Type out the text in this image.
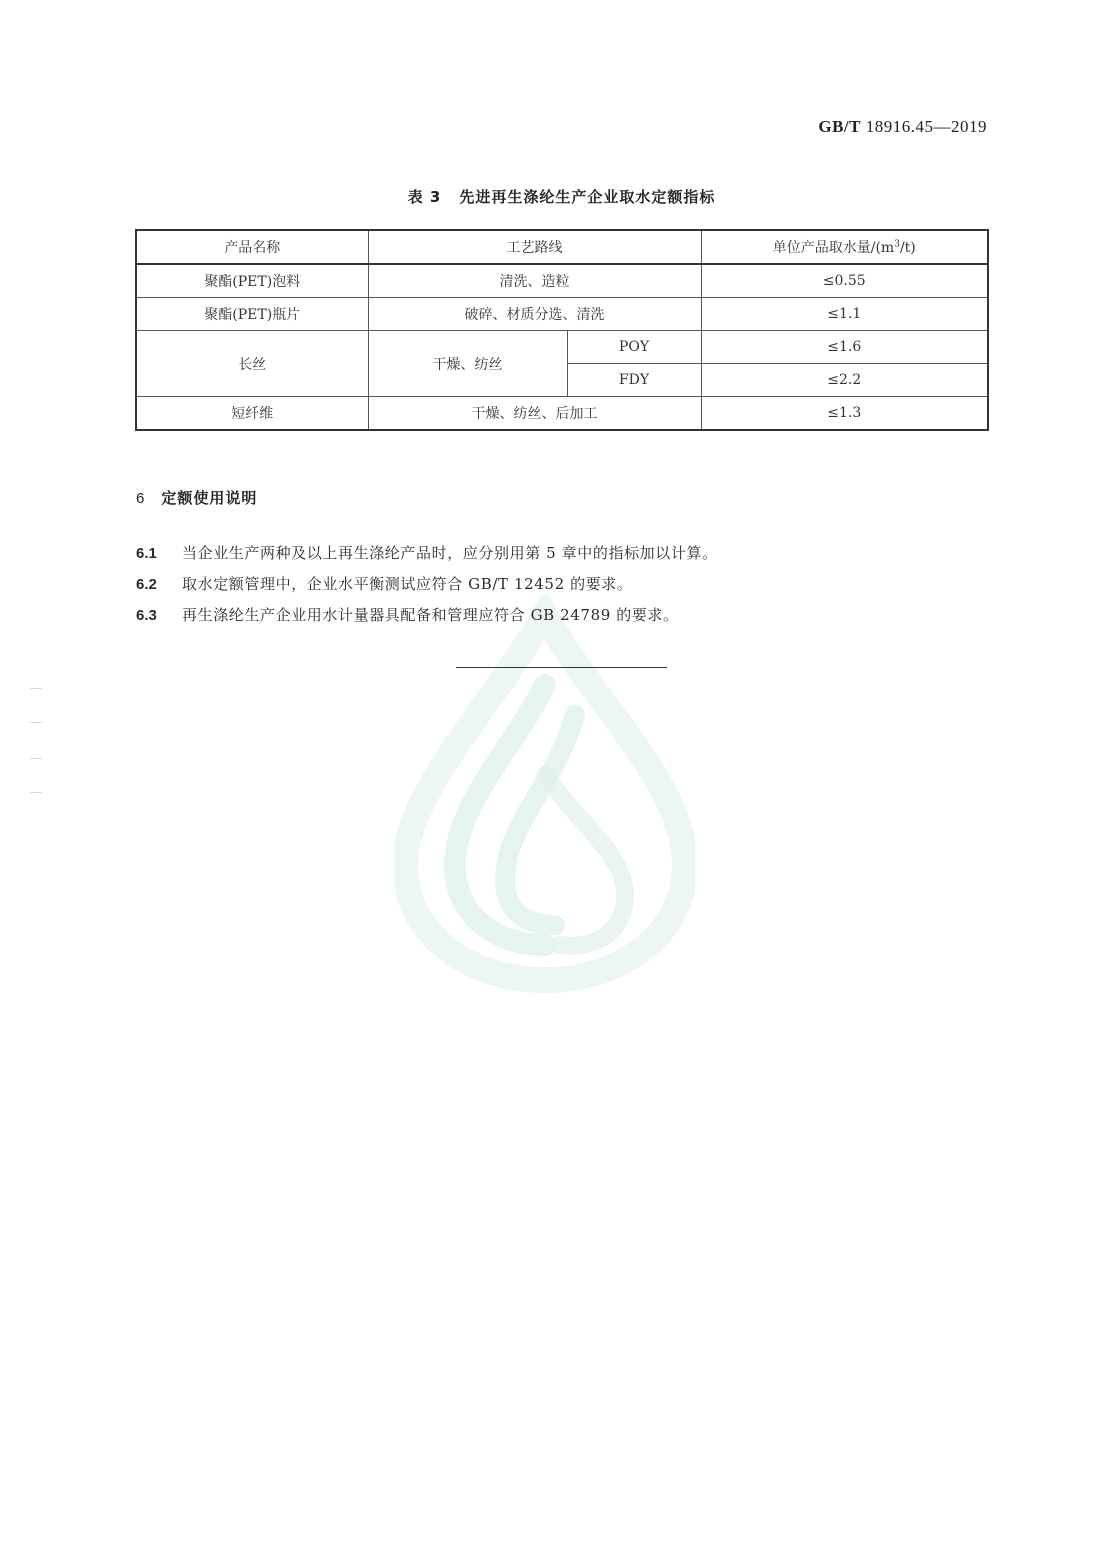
GB/T 18916.45—2019
表 3 先进再生涤纶生产企业取水定额指标
产品名称	工艺路线		单位产品取水量$/(m^3/t)$
聚酯(PET)泡料	清洗、造粒		≤0.55
聚酯(PET)瓶片	破碎、材质分选、清洗		≤1.1
长丝	干燥、纺丝	POY	≤1.6
		FDY	≤2.2
短纤维	干燥、纺丝、后加工		≤1.3
6 定额使用说明
6.1 当企业生产两种及以上再生涤纶产品时，应分别用第 5 章中的指标加以计算。
6.2 取水定额管理中，企业水平衡测试应符合 GB/T 12452 的要求。
6.3 再生涤纶生产企业用水计量器具配备和管理应符合 GB 24789 的要求。
